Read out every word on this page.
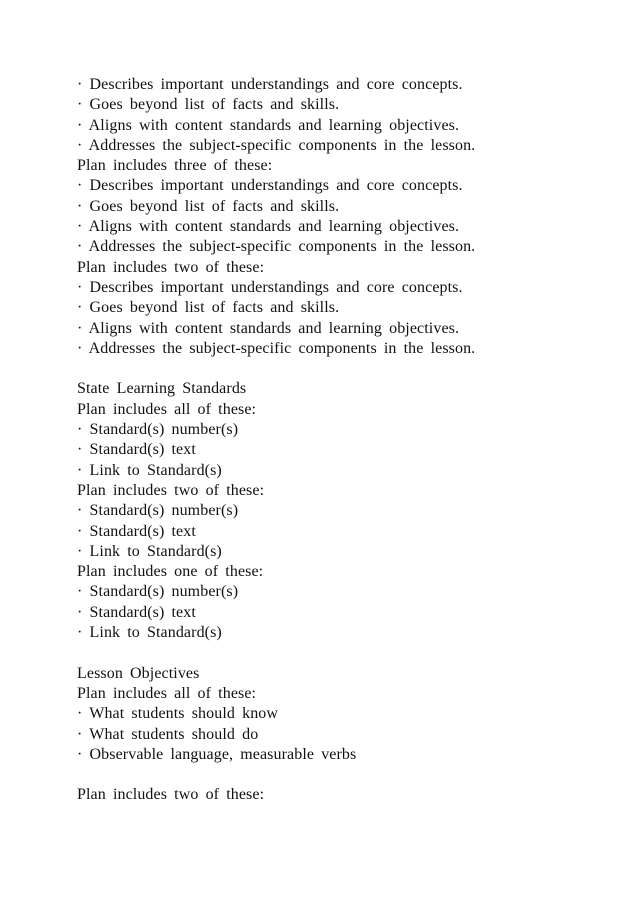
· Describes important understandings and core concepts.
· Goes beyond list of facts and skills.
· Aligns with content standards and learning objectives.
· Addresses the subject-specific components in the lesson.
Plan includes three of these:
· Describes important understandings and core concepts.
· Goes beyond list of facts and skills.
· Aligns with content standards and learning objectives.
· Addresses the subject-specific components in the lesson.
Plan includes two of these:
· Describes important understandings and core concepts.
· Goes beyond list of facts and skills.
· Aligns with content standards and learning objectives.
· Addresses the subject-specific components in the lesson.
State Learning Standards
Plan includes all of these:
· Standard(s) number(s)
· Standard(s) text
· Link to Standard(s)
Plan includes two of these:
· Standard(s) number(s)
· Standard(s) text
· Link to Standard(s)
Plan includes one of these:
· Standard(s) number(s)
· Standard(s) text
· Link to Standard(s)
Lesson Objectives
Plan includes all of these:
· What students should know
· What students should do
· Observable language, measurable verbs
Plan includes two of these:
